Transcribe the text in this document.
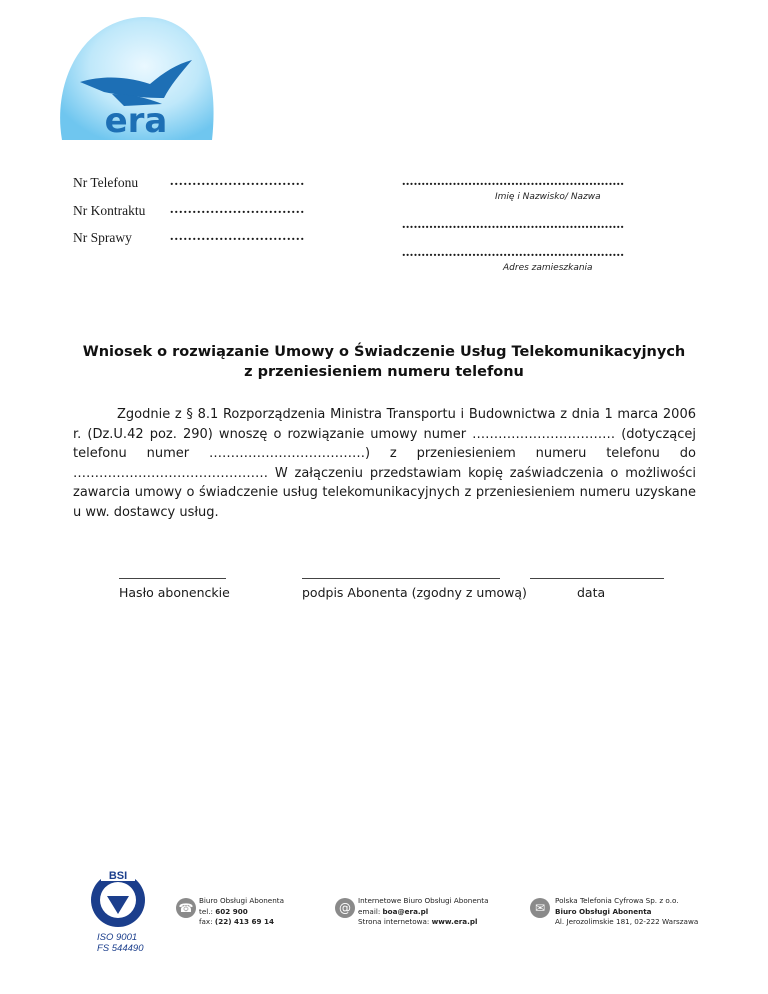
era
Nr Telefonu ..............................
Nr Kontraktu ..............................
Nr Sprawy	..............................
.........................................................
Imię i Nazwisko/ Nazwa
.........................................................
.........................................................
Adres zamieszkania
Wniosek o rozwiązanie Umowy o Świadczenie Usług Telekomunikacyjnych
z przeniesieniem numeru telefonu
Zgodnie z § 8.1 Rozporządzenia Ministra Transportu i Budownictwa z dnia 1 marca 2006 r. (Dz.U.42 poz. 290) wnoszę o rozwiązanie umowy numer …………………………… (dotyczącej telefonu numer ………………………………) z przeniesieniem numeru telefonu do ……………………………………… W załączeniu przedstawiam kopię zaświadczenia o możliwości zawarcia umowy o świadczenie usług telekomunikacyjnych z przeniesieniem numeru uzyskane u ww. dostawcy usług.
Hasło abonenckie	podpis Abonenta (zgodny z umową)	data
BSI
ISO 9001
FS 544490
☎
Biuro Obsługi Abonenta
tel.: 602 900
fax: (22) 413 69 14
@
Internetowe Biuro Obsługi Abonenta
email: boa@era.pl
Strona internetowa: www.era.pl
✉
Polska Telefonia Cyfrowa Sp. z o.o.
Biuro Obsługi Abonenta
Al. Jerozolimskie 181, 02-222 Warszawa
